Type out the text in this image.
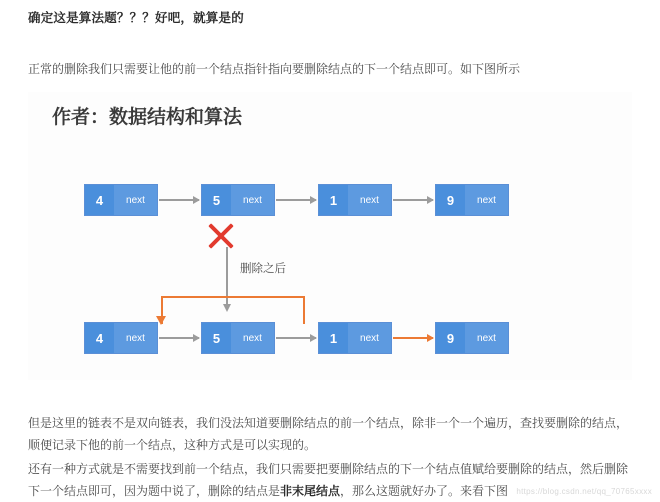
确定这是算法题？？？好吧，就算是的
正常的删除我们只需要让他的前一个结点指针指向要删除结点的下一个结点即可。如下图所示
作者：数据结构和算法
4	next	5	next	1	next	9	next
删除之后
4	next	5	next	1	next	9	next
但是这里的链表不是双向链表，我们没法知道要删除结点的前一个结点，除非一个一个遍历，查找要删除的结点，顺便记录下他的前一个结点，这种方式是可以实现的。
还有一种方式就是不需要找到前一个结点，我们只需要把要删除结点的下一个结点值赋给要删除的结点，然后删除下一个结点即可，因为题中说了，删除的结点是非末尾结点，那么这题就好办了。来看下图	https://blog.csdn.net/qq_70765xxxx
